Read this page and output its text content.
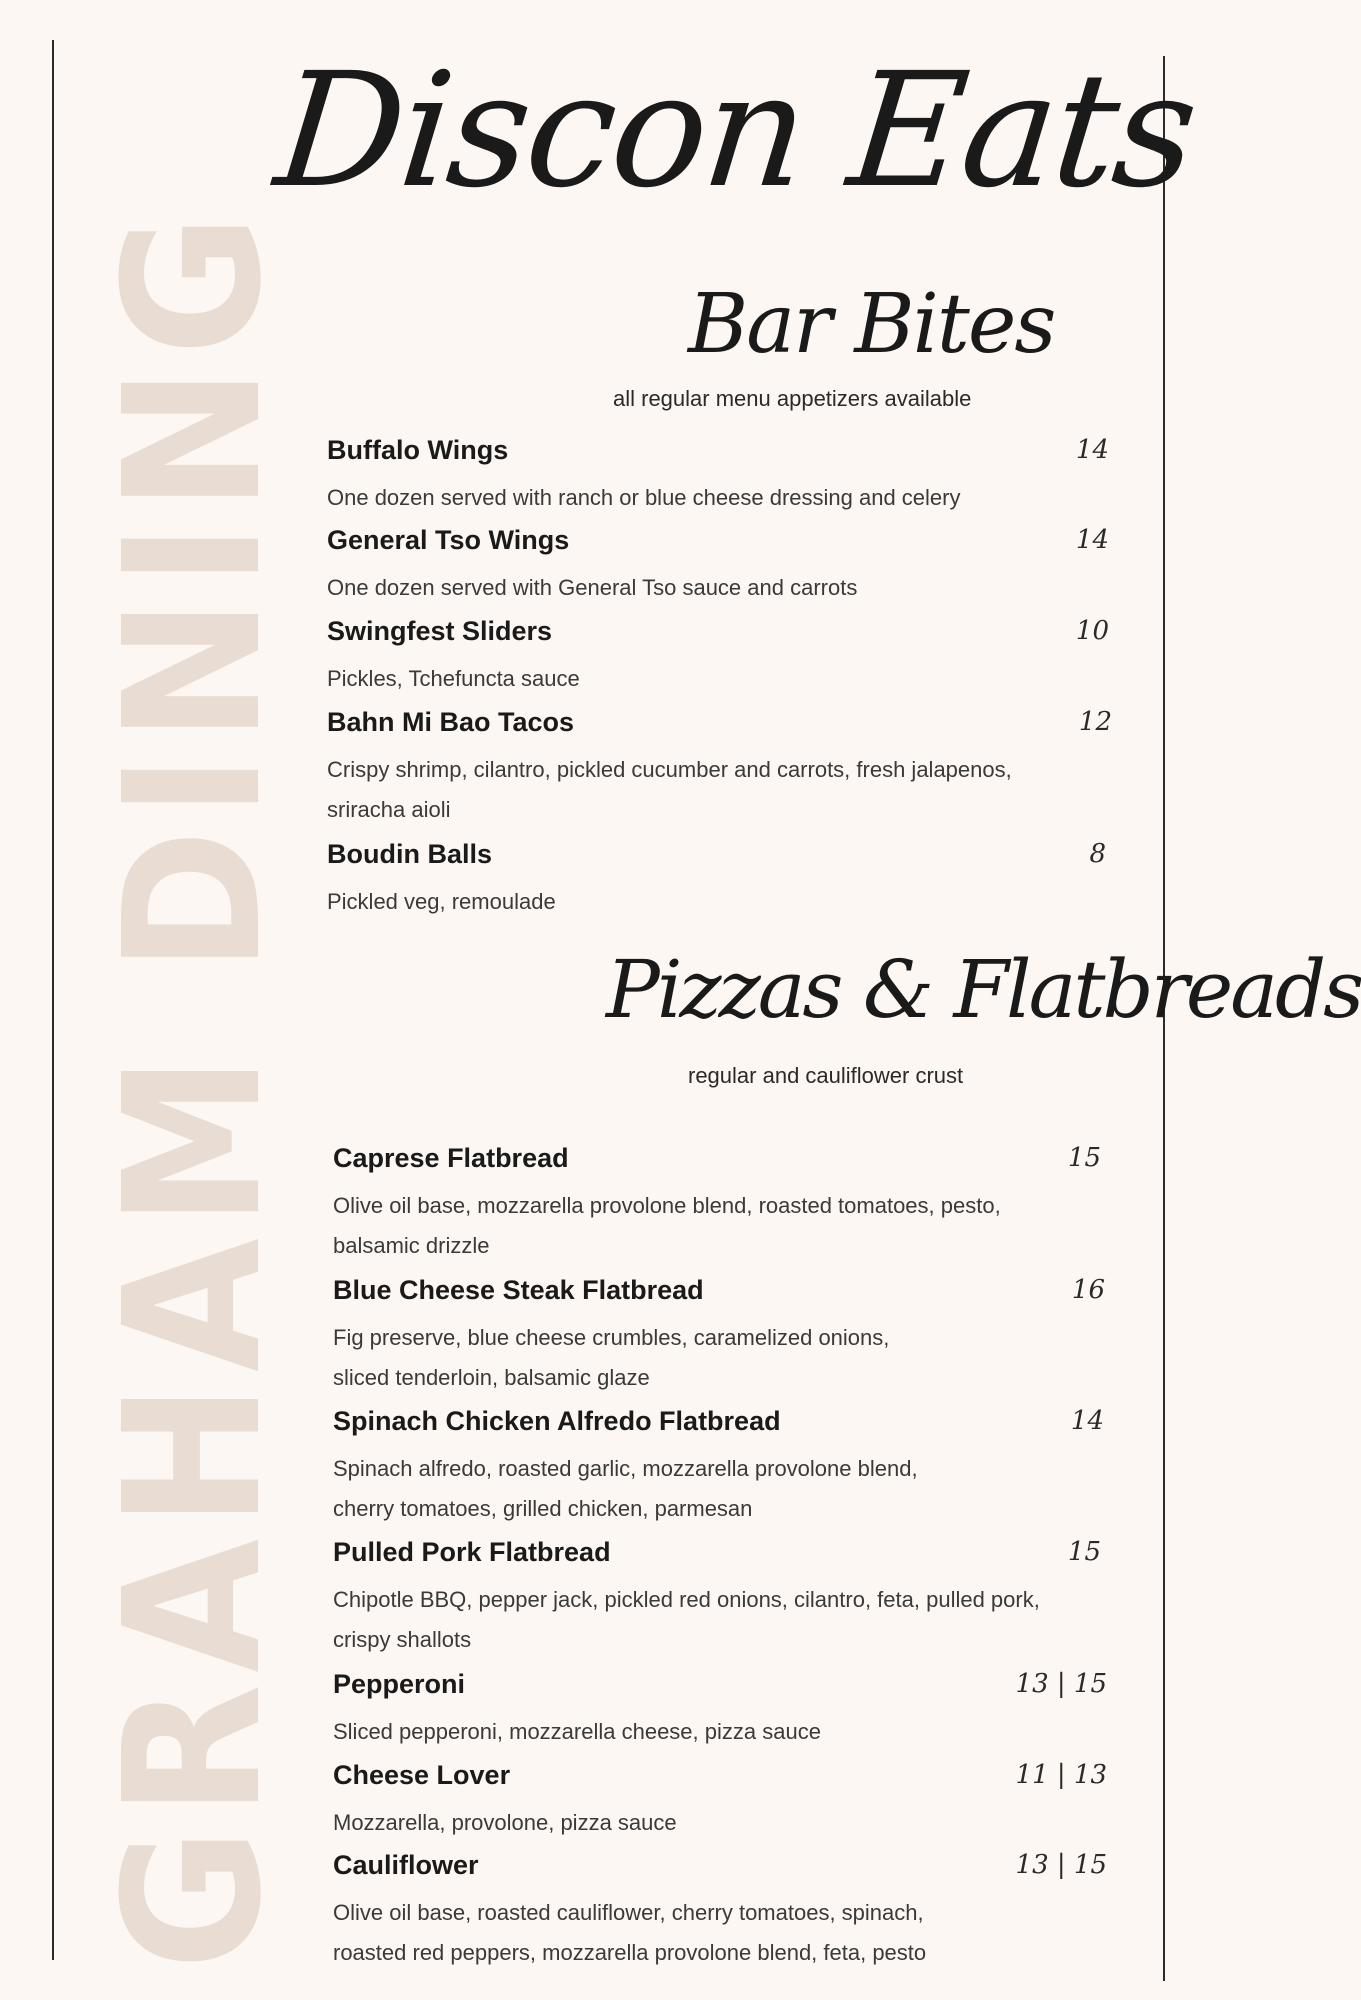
GRAHAM DINING
Discon Eats
Bar Bites
all regular menu appetizers available
Buffalo Wings	14
One dozen served with ranch or blue cheese dressing and celery
General Tso Wings	14
One dozen served with General Tso sauce and carrots
Swingfest Sliders	10
Pickles, Tchefuncta sauce
Bahn Mi Bao Tacos	12
Crispy shrimp, cilantro, pickled cucumber and carrots, fresh jalapenos,
sriracha aioli
Boudin Balls	8
Pickled veg, remoulade
Pizzas & Flatbreads
regular and cauliflower crust
Caprese Flatbread	15
Olive oil base, mozzarella provolone blend, roasted tomatoes, pesto,
balsamic drizzle
Blue Cheese Steak Flatbread	16
Fig preserve, blue cheese crumbles, caramelized onions,
sliced tenderloin, balsamic glaze
Spinach Chicken Alfredo Flatbread	14
Spinach alfredo, roasted garlic, mozzarella provolone blend,
cherry tomatoes, grilled chicken, parmesan
Pulled Pork Flatbread	15
Chipotle BBQ, pepper jack, pickled red onions, cilantro, feta, pulled pork,
crispy shallots
Pepperoni	13 | 15
Sliced pepperoni, mozzarella cheese, pizza sauce
Cheese Lover	11 | 13
Mozzarella, provolone, pizza sauce
Cauliflower	13 | 15
Olive oil base, roasted cauliflower, cherry tomatoes, spinach,
roasted red peppers, mozzarella provolone blend, feta, pesto
